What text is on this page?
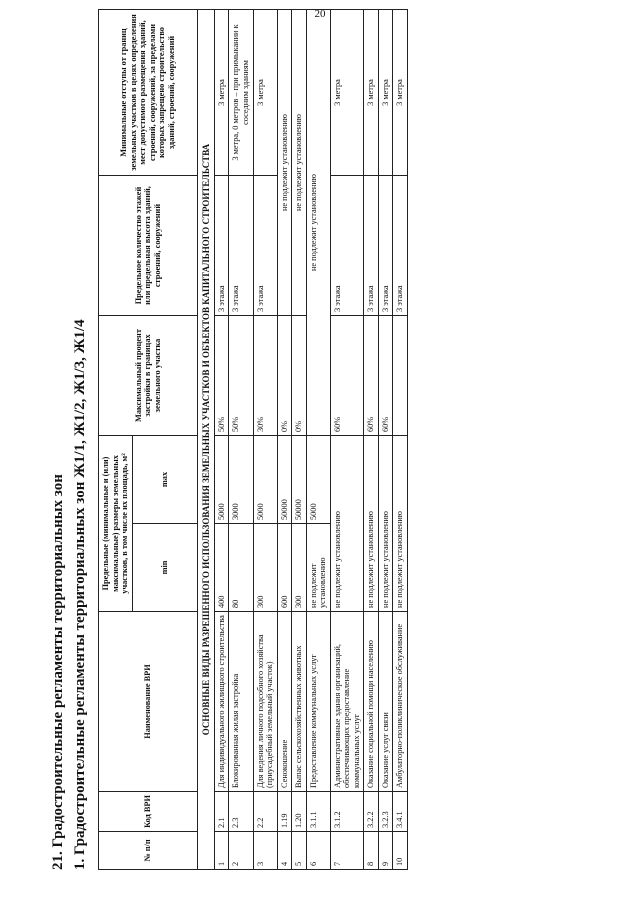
20
21. Градостроительные регламенты территориальных зон 1. Градостроительные регламенты территориальных зон Ж1/1, Ж1/2, Ж1/3, Ж1/4	№ п/п	Код ВРИ	Наименование ВРИ	Предельные (минимальные и (или) максимальные) размеры земельных участков, в том числе их площадь, м²		Максимальный процент застройки в границах земельного участка	Предельное количество этажей или предельная высота зданий, строений, сооружений	Минимальные отступы от границ земельных участков в целях определения мест допустимого размещения зданий, строений, сооружений, за пределами которых запрещено строительство зданий, строений, сооружений
			min	max			
ОСНОВНЫЕ ВИДЫ РАЗРЕШЕННОГО ИСПОЛЬЗОВАНИЯ ЗЕМЕЛЬНЫХ УЧАСТКОВ И ОБЪЕКТОВ КАПИТАЛЬНОГО СТРОИТЕЛЬСТВА							
1	2.1	Для индивидуального жилищного строительства	400	5000	50%	3 этажа	3 метра
2	2.3	Блокированная жилая застройка	80	3000	50%	3 этажа	3 метра, 0 метров – при примыкании к соседним зданиям
3	2.2	Для ведения личного подсобного хозяйства (приусадебный земельный участок)	300	5000	30%	3 этажа	3 метра
4	1.19	Сенокошение	600	50000	0%	не подлежит установлению	
5	1.20	Выпас сельскохозяйственных животных	300	50000	0%	не подлежит установлению	
6	3.1.1	Предоставление коммунальных услуг	не подлежит установлению	5000	не подлежит установлению		
7	3.1.2	Административные здания организаций, обеспечивающих предоставление коммунальных услуг	не подлежит установлению		60%	3 этажа	3 метра
8	3.2.2	Оказание социальной помощи населению	не подлежит установлению		60%	3 этажа	3 метра
9	3.2.3	Оказание услуг связи	не подлежит установлению		60%	3 этажа	3 метра
10	3.4.1	Амбулаторно-поликлиническое обслуживание	не подлежит установлению			3 этажа	3 метра
